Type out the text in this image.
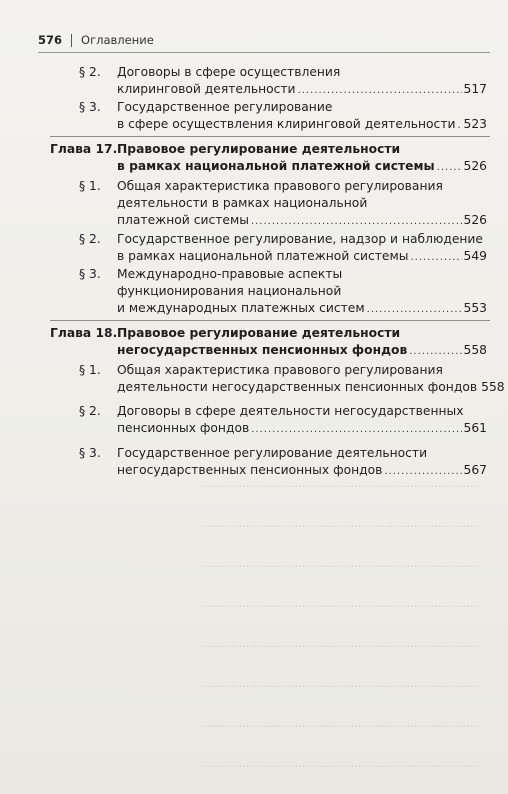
················································································
················································································
················································································
················································································
················································································
················································································
················································································
················································································
576 Оглавление
§ 2. Договоры в сфере осуществления
клиринговой деятельности .....	517
§ 3. Государственное регулирование
в сфере осуществления клиринговой деятельности ..... 523
Глава 17. Правовое регулирование деятельности
в рамках национальной платежной системы ..... 526
§ 1. Общая характеристика правового регулирования
деятельности в рамках национальной
платежной системы .....	526
§ 2. Государственное регулирование, надзор и наблюдение
в рамках национальной платежной системы .....	549
§ 3. Международно-правовые аспекты
функционирования национальной
и международных платежных систем .....	553
Глава 18. Правовое регулирование деятельности
негосударственных пенсионных фондов .....	558
§ 1. Общая характеристика правового регулирования
деятельности негосударственных пенсионных фондов 558
§ 2. Договоры в сфере деятельности негосударственных
пенсионных фондов .....	561
§ 3. Государственное регулирование деятельности
негосударственных пенсионных фондов .....	567
